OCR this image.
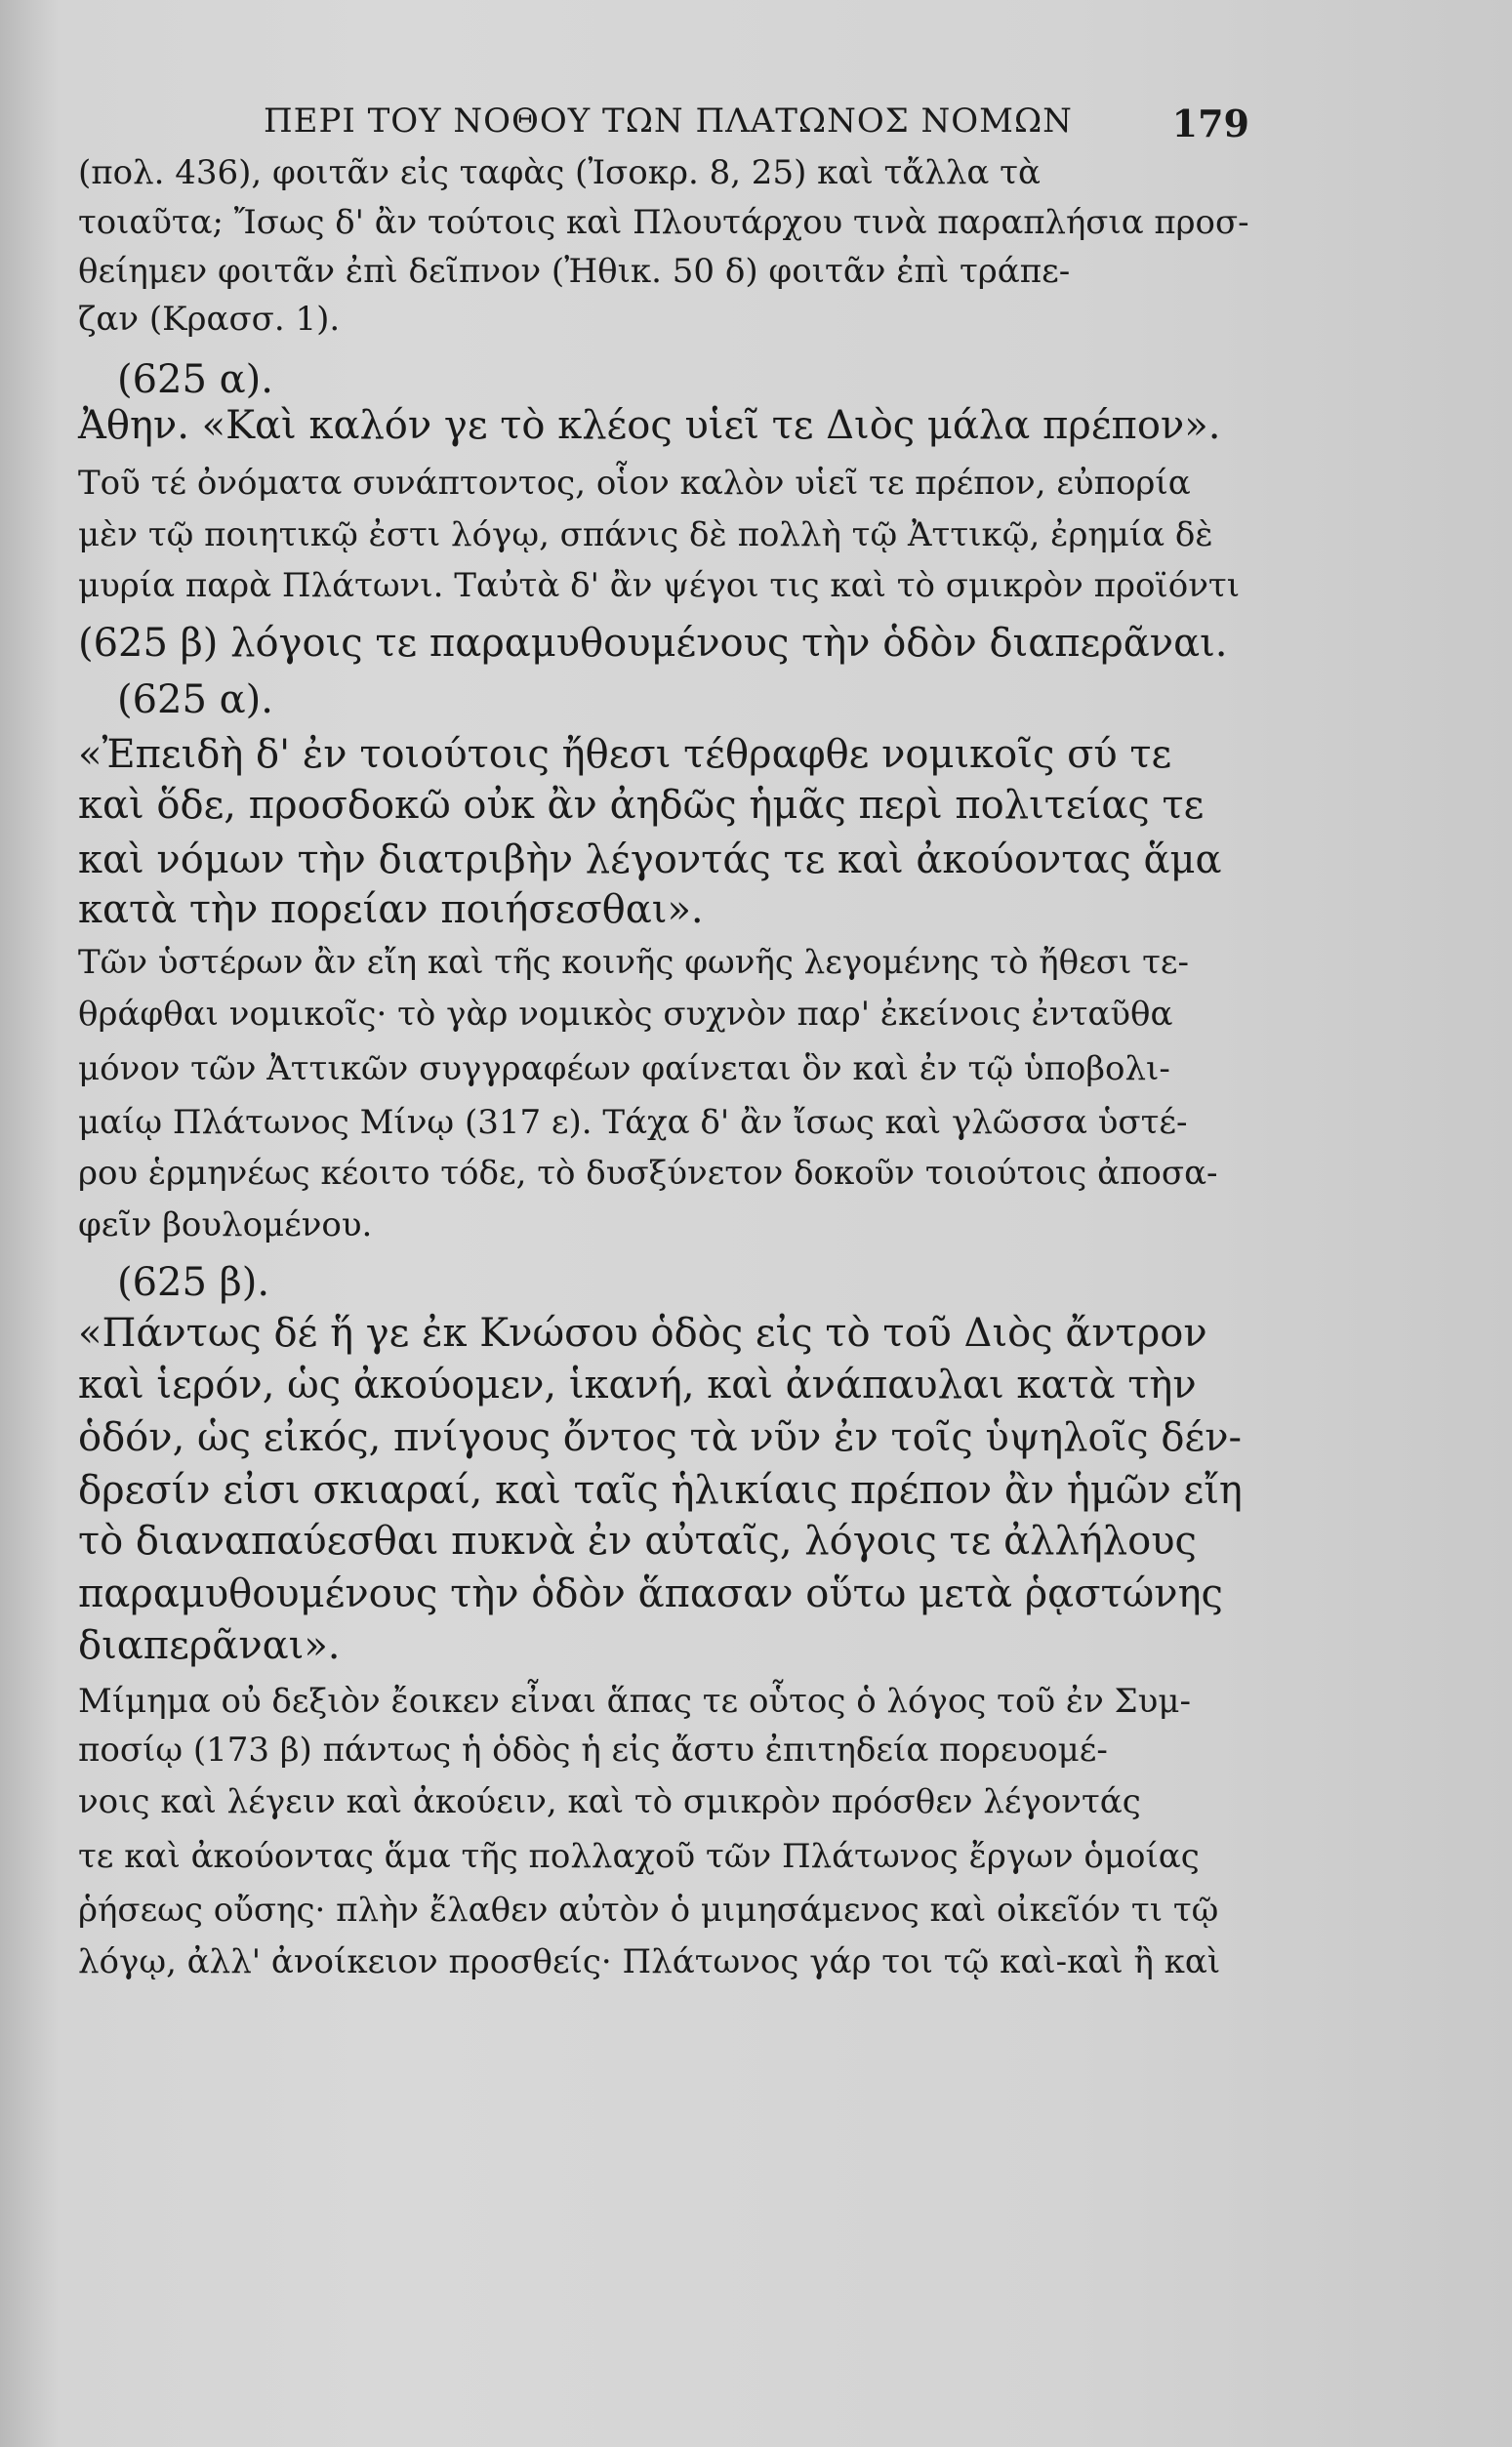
ΠΕΡΙ ΤΟΥ ΝΟΘΟΥ ΤΩΝ ΠΛΑΤΩΝΟΣ ΝΟΜΩΝ	179
(πολ. 436), φοιτᾶν εἰς ταφὰς (Ἰσοκρ. 8, 25) καὶ τἄλλα τὰ
τοιαῦτα; Ἴσως δ' ἂν τούτοις καὶ Πλουτάρχου τινὰ παραπλήσια προσ-
θείημεν φοιτᾶν ἐπὶ δεῖπνον (Ἠθικ. 50 δ) φοιτᾶν ἐπὶ τράπε-
ζαν (Κρασσ. 1).
(625 α).
Ἀθην. «Καὶ καλόν γε τὸ κλέος υἱεῖ τε Διὸς μάλα πρέπον».
Τοῦ τέ ὀνόματα συνάπτοντος, οἷον καλὸν υἱεῖ τε πρέπον, εὐπορία
μὲν τῷ ποιητικῷ ἐστι λόγῳ, σπάνις δὲ πολλὴ τῷ Ἀττικῷ, ἐρημία δὲ
μυρία παρὰ Πλάτωνι. Ταὐτὰ δ' ἂν ψέγοι τις καὶ τὸ σμικρὸν προϊόντι
(625 β) λόγοις τε παραμυθουμένους τὴν ὁδὸν διαπερᾶναι.
(625 α).
«Ἐπειδὴ δ' ἐν τοιούτοις ἤθεσι τέθραφθε νομικοῖς σύ τε
καὶ ὅδε, προσδοκῶ οὐκ ἂν ἀηδῶς ἡμᾶς περὶ πολιτείας τε
καὶ νόμων τὴν διατριβὴν λέγοντάς τε καὶ ἀκούοντας ἅμα
κατὰ τὴν πορείαν ποιήσεσθαι».
Τῶν ὑστέρων ἂν εἴη καὶ τῆς κοινῆς φωνῆς λεγομένης τὸ ἤθεσι τε-
θράφθαι νομικοῖς· τὸ γὰρ νομικὸς συχνὸν παρ' ἐκείνοις ἐνταῦθα
μόνον τῶν Ἀττικῶν συγγραφέων φαίνεται ὃν καὶ ἐν τῷ ὑποβολι-
μαίῳ Πλάτωνος Μίνῳ (317 ε). Τάχα δ' ἂν ἴσως καὶ γλῶσσα ὑστέ-
ρου ἑρμηνέως κέοιτο τόδε, τὸ δυσξύνετον δοκοῦν τοιούτοις ἀποσα-
φεῖν βουλομένου.
(625 β).
«Πάντως δέ ἥ γε ἐκ Κνώσου ὁδὸς εἰς τὸ τοῦ Διὸς ἄντρον
καὶ ἱερόν, ὡς ἀκούομεν, ἱκανή, καὶ ἀνάπαυλαι κατὰ τὴν
ὁδόν, ὡς εἰκός, πνίγους ὄντος τὰ νῦν ἐν τοῖς ὑψηλοῖς δέν-
δρεσίν εἰσι σκιαραί, καὶ ταῖς ἡλικίαις πρέπον ἂν ἡμῶν εἴη
τὸ διαναπαύεσθαι πυκνὰ ἐν αὐταῖς, λόγοις τε ἀλλήλους
παραμυθουμένους τὴν ὁδὸν ἅπασαν οὕτω μετὰ ῥᾳστώνης
διαπερᾶναι».
Μίμημα οὐ δεξιὸν ἔοικεν εἶναι ἅπας τε οὗτος ὁ λόγος τοῦ ἐν Συμ-
ποσίῳ (173 β) πάντως ἡ ὁδὸς ἡ εἰς ἄστυ ἐπιτηδεία πορευομέ-
νοις καὶ λέγειν καὶ ἀκούειν, καὶ τὸ σμικρὸν πρόσθεν λέγοντάς
τε καὶ ἀκούοντας ἅμα τῆς πολλαχοῦ τῶν Πλάτωνος ἔργων ὁμοίας
ῥήσεως οὔσης· πλὴν ἔλαθεν αὐτὸν ὁ μιμησάμενος καὶ οἰκεῖόν τι τῷ
λόγῳ, ἀλλ' ἀνοίκειον προσθείς· Πλάτωνος γάρ τοι τῷ καὶ-καὶ ἢ καὶ
